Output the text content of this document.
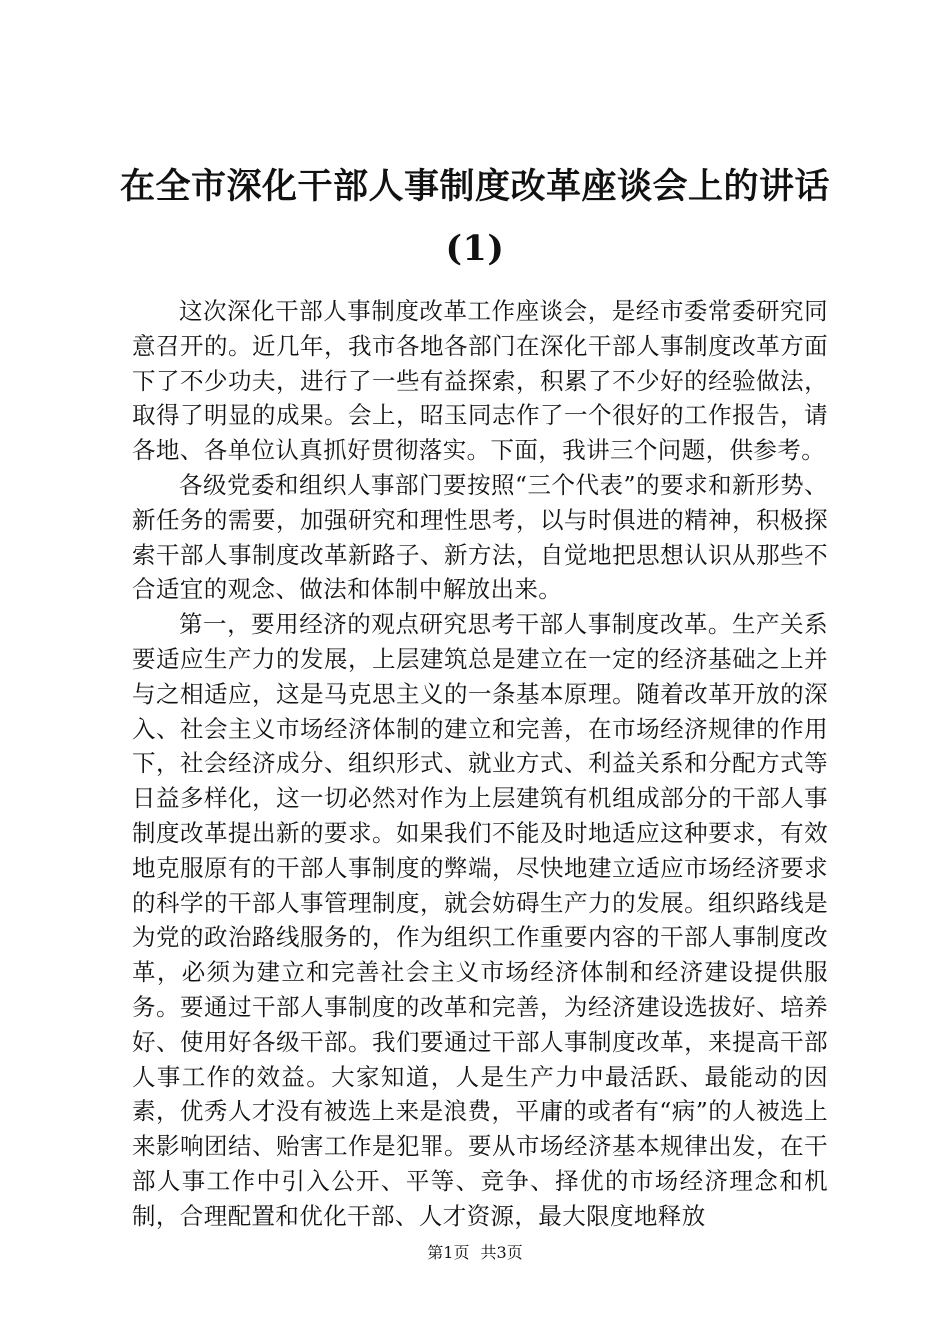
在全市深化干部人事制度改革座谈会上的讲话
(1)

这次深化干部人事制度改革工作座谈会，是经市委常委研究同意召开的。近几年，我市各地各部门在深化干部人事制度改革方面下了不少功夫，进行了一些有益探索，积累了不少好的经验做法，取得了明显的成果。会上，昭玉同志作了一个很好的工作报告，请各地、各单位认真抓好贯彻落实。下面，我讲三个问题，供参考。

各级党委和组织人事部门要按照“三个代表”的要求和新形势、新任务的需要，加强研究和理性思考，以与时俱进的精神，积极探索干部人事制度改革新路子、新方法，自觉地把思想认识从那些不合适宜的观念、做法和体制中解放出来。

第一，要用经济的观点研究思考干部人事制度改革。生产关系要适应生产力的发展，上层建筑总是建立在一定的经济基础之上并与之相适应，这是马克思主义的一条基本原理。随着改革开放的深入、社会主义市场经济体制的建立和完善，在市场经济规律的作用下，社会经济成分、组织形式、就业方式、利益关系和分配方式等日益多样化，这一切必然对作为上层建筑有机组成部分的干部人事制度改革提出新的要求。如果我们不能及时地适应这种要求，有效地克服原有的干部人事制度的弊端，尽快地建立适应市场经济要求的科学的干部人事管理制度，就会妨碍生产力的发展。组织路线是为党的政治路线服务的，作为组织工作重要内容的干部人事制度改革，必须为建立和完善社会主义市场经济体制和经济建设提供服务。要通过干部人事制度的改革和完善，为经济建设选拔好、培养好、使用好各级干部。我们要通过干部人事制度改革，来提高干部人事工作的效益。大家知道，人是生产力中最活跃、最能动的因素，优秀人才没有被选上来是浪费，平庸的或者有“病”的人被选上来影响团结、贻害工作是犯罪。要从市场经济基本规律出发，在干部人事工作中引入公开、平等、竞争、择优的市场经济理念和机制，合理配置和优化干部、人才资源，最大限度地释放

第1页 共3页
